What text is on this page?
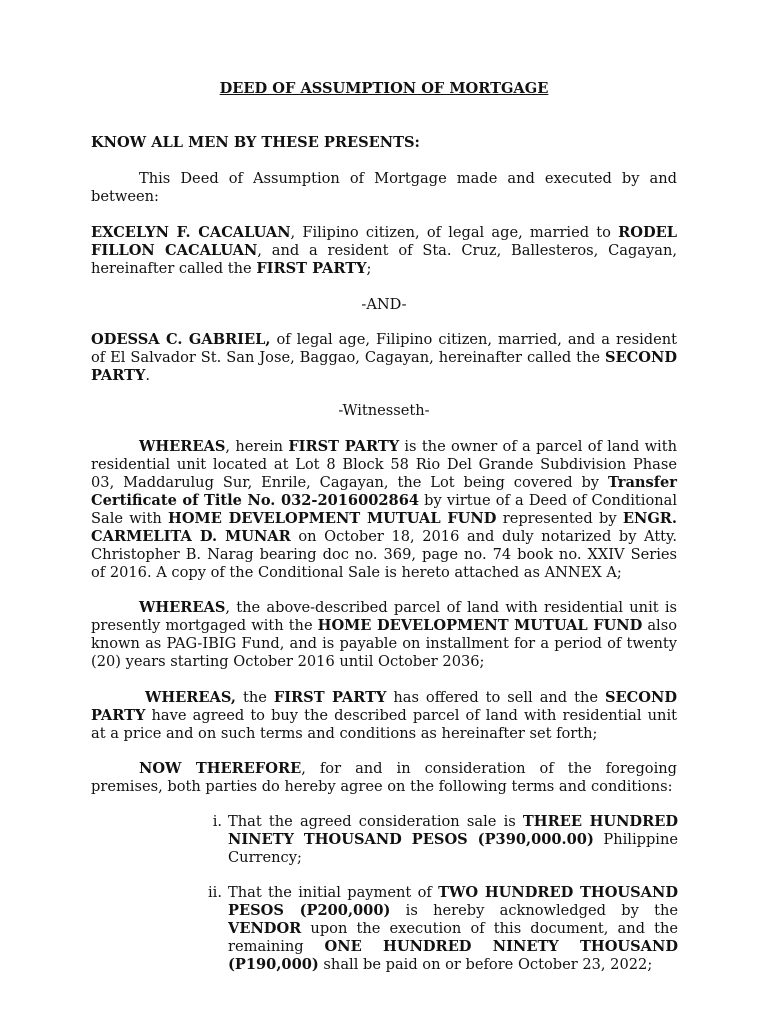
DEED OF ASSUMPTION OF MORTGAGE
KNOW ALL MEN BY THESE PRESENTS:
This Deed of Assumption of Mortgage made and executed by and between:
EXCELYN F. CACALUAN, Filipino citizen, of legal age, married to RODEL FILLON CACALUAN, and a resident of Sta. Cruz, Ballesteros, Cagayan, hereinafter called the FIRST PARTY;
-AND-
ODESSA C. GABRIEL, of legal age, Filipino citizen, married, and a resident of El Salvador St. San Jose, Baggao, Cagayan, hereinafter called the SECOND PARTY.
-Witnesseth-
WHEREAS, herein FIRST PARTY is the owner of a parcel of land with residential unit located at Lot 8 Block 58 Rio Del Grande Subdivision Phase 03, Maddarulug Sur, Enrile, Cagayan, the Lot being covered by Transfer Certificate of Title No. 032-2016002864 by virtue of a Deed of Conditional Sale with HOME DEVELOPMENT MUTUAL FUND represented by ENGR. CARMELITA D. MUNAR on October 18, 2016 and duly notarized by Atty. Christopher B. Narag bearing doc no. 369, page no. 74 book no. XXIV Series of 2016. A copy of the Conditional Sale is hereto attached as ANNEX A;
WHEREAS, the above-described parcel of land with residential unit is presently mortgaged with the HOME DEVELOPMENT MUTUAL FUND also known as PAG-IBIG Fund, and is payable on installment for a period of twenty (20) years starting October 2016 until October 2036;
WHEREAS, the FIRST PARTY has offered to sell and the SECOND PARTY have agreed to buy the described parcel of land with residential unit at a price and on such terms and conditions as hereinafter set forth;
NOW THEREFORE, for and in consideration of the foregoing premises, both parties do hereby agree on the following terms and conditions:
i. That the agreed consideration sale is THREE HUNDRED NINETY THOUSAND PESOS (P390,000.00) Philippine Currency;
ii. That the initial payment of TWO HUNDRED THOUSAND PESOS (P200,000) is hereby acknowledged by the VENDOR upon the execution of this document, and the remaining ONE HUNDRED NINETY THOUSAND (P190,000) shall be paid on or before October 23, 2022;
